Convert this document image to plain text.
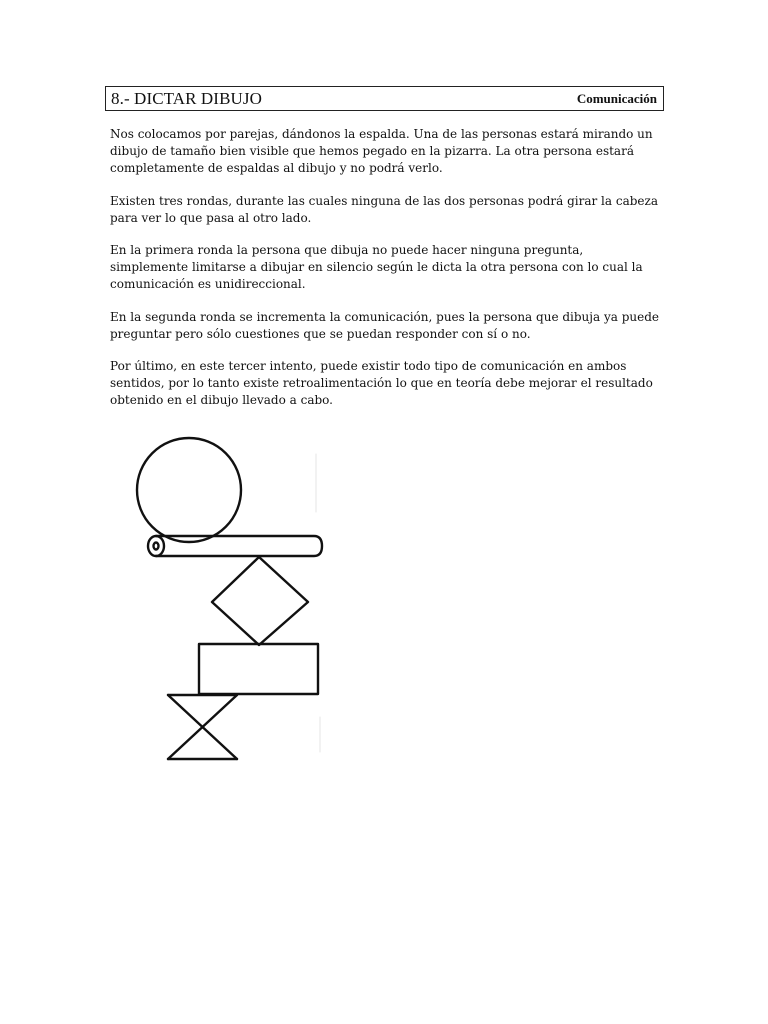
8.- DICTAR DIBUJO	Comunicación

Nos colocamos por parejas, dándonos la espalda. Una de las personas estará mirando un dibujo de tamaño bien visible que hemos pegado en la pizarra. La otra persona estará completamente de espaldas al dibujo y no podrá verlo.

Existen tres rondas, durante las cuales ninguna de las dos personas podrá girar la cabeza para ver lo que pasa al otro lado.

En la primera ronda la persona que dibuja no puede hacer ninguna pregunta, simplemente limitarse a dibujar en silencio según le dicta la otra persona con lo cual la comunicación es unidireccional.

En la segunda ronda se incrementa la comunicación, pues la persona que dibuja ya puede preguntar pero sólo cuestiones que se puedan responder con sí o no.

Por último, en este tercer intento, puede existir todo tipo de comunicación en ambos sentidos, por lo tanto existe retroalimentación lo que en teoría debe mejorar el resultado obtenido en el dibujo llevado a cabo.
